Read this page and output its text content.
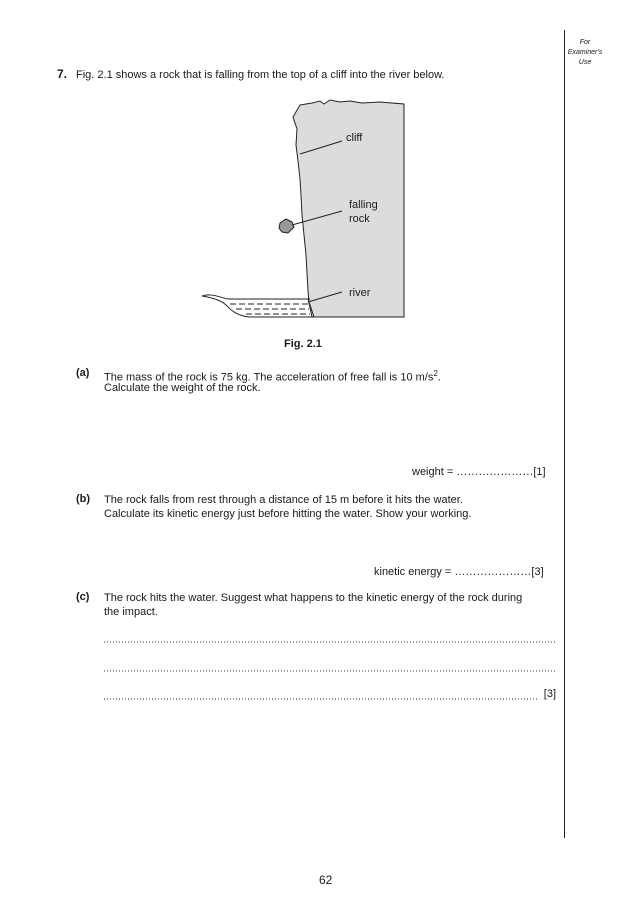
For
Examiner's
Use
7. Fig. 2.1 shows a rock that is falling from the top of a cliff into the river below.
cliff
falling
rock
river
Fig. 2.1
(a) The mass of the rock is 75 kg. The acceleration of free fall is 10 $m/s^2$.
Calculate the weight of the rock.
weight = …………………[1]
(b) The rock falls from rest through a distance of 15 m before it hits the water.
Calculate its kinetic energy just before hitting the water. Show your working.
kinetic energy = …………………[3]
(c) The rock hits the water. Suggest what happens to the kinetic energy of the rock during
the impact.
[3]
62
